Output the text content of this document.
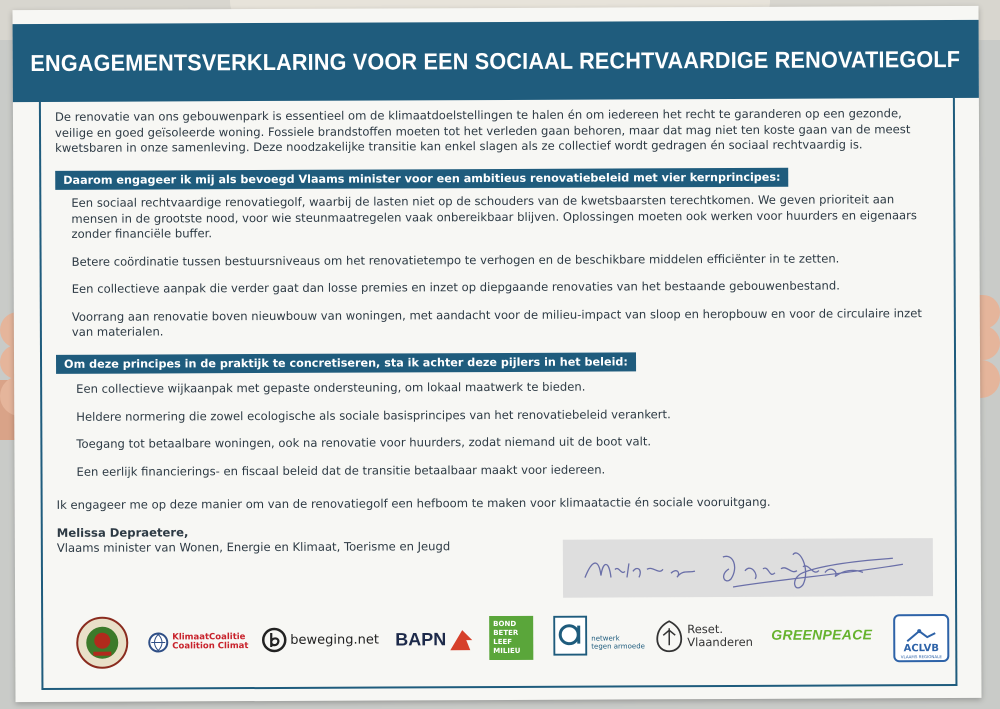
ENGAGEMENTSVERKLARING VOOR EEN SOCIAAL RECHTVAARDIGE RENOVATIEGOLF

De renovatie van ons gebouwenpark is essentieel om de klimaatdoelstellingen te halen én om iedereen het recht te garanderen op een gezonde, veilige en goed geïsoleerde woning. Fossiele brandstoffen moeten tot het verleden gaan behoren, maar dat mag niet ten koste gaan van de meest kwetsbaren in onze samenleving. Deze noodzakelijke transitie kan enkel slagen als ze collectief wordt gedragen én sociaal rechtvaardig is.

Daarom engageer ik mij als bevoegd Vlaams minister voor een ambitieus renovatiebeleid met vier kernprincipes:

Een sociaal rechtvaardige renovatiegolf, waarbij de lasten niet op de schouders van de kwetsbaarsten terechtkomen. We geven prioriteit aan mensen in de grootste nood, voor wie steunmaatregelen vaak onbereikbaar blijven. Oplossingen moeten ook werken voor huurders en eigenaars zonder financiële buffer.

Betere coördinatie tussen bestuursniveaus om het renovatietempo te verhogen en de beschikbare middelen efficiënter in te zetten.

Een collectieve aanpak die verder gaat dan losse premies en inzet op diepgaande renovaties van het bestaande gebouwenbestand.

Voorrang aan renovatie boven nieuwbouw van woningen, met aandacht voor de milieu-impact van sloop en heropbouw en voor de circulaire inzet van materialen.

Om deze principes in de praktijk te concretiseren, sta ik achter deze pijlers in het beleid:

Een collectieve wijkaanpak met gepaste ondersteuning, om lokaal maatwerk te bieden.

Heldere normering die zowel ecologische als sociale basisprincipes van het renovatiebeleid verankert.

Toegang tot betaalbare woningen, ook na renovatie voor huurders, zodat niemand uit de boot valt.

Een eerlijk financierings- en fiscaal beleid dat de transitie betaalbaar maakt voor iedereen.

Ik engageer me op deze manier om van de renovatiegolf een hefboom te maken voor klimaatactie én sociale vooruitgang.

Melissa Depraetere,
Vlaams minister van Wonen, Energie en Klimaat, Toerisme en Jeugd
KlimaatCoalitie
Coalition Climat	beweging.net BAPN
BOND
BETER
LEEF
MILIEU
netwerk
tegen armoede
Reset.
Vlaanderen GREENPEACE
ACLVB
VLAAMS REGIONALE
